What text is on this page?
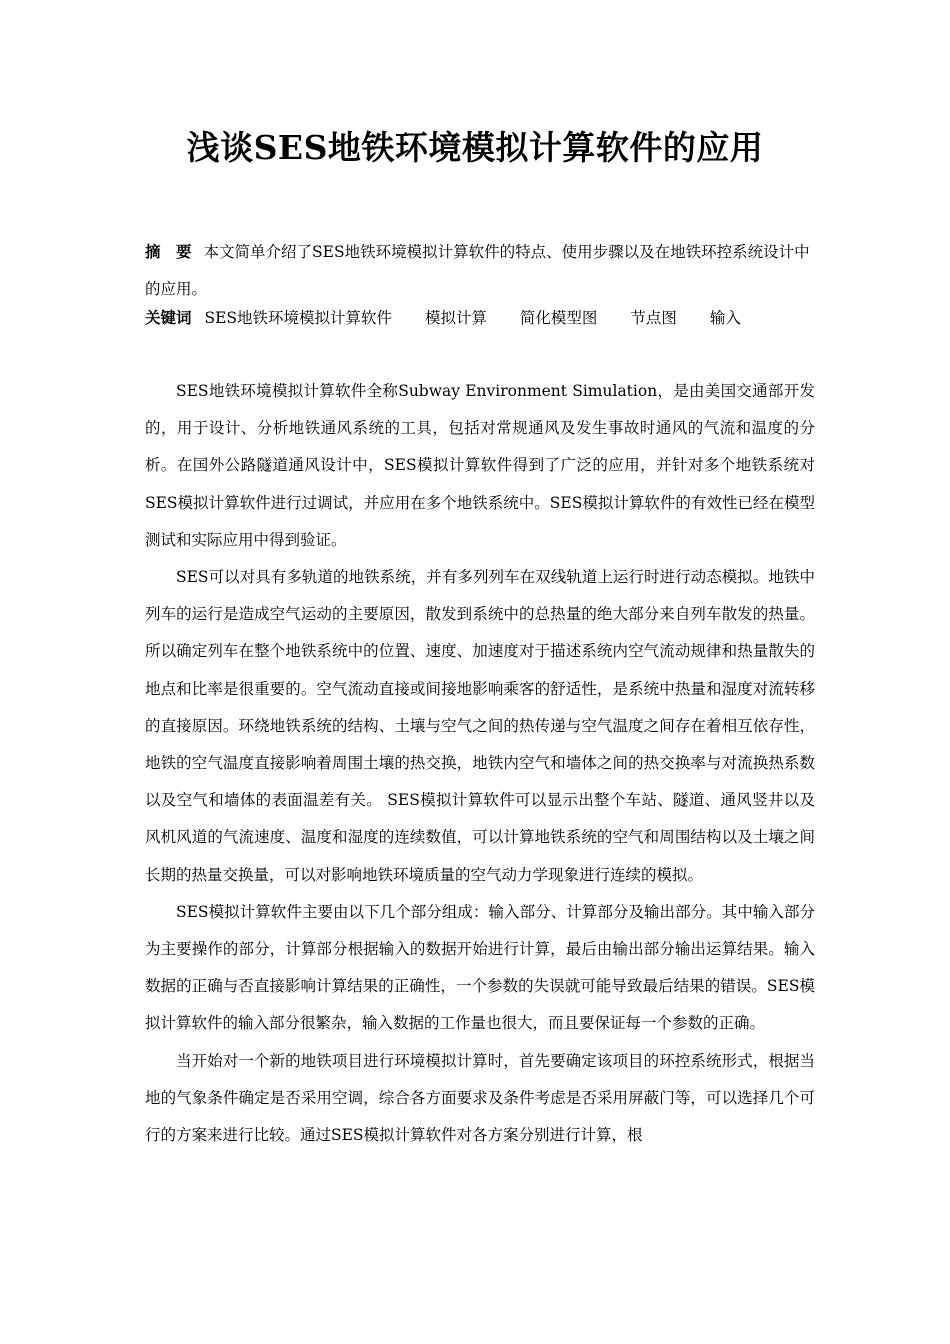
浅谈SES地铁环境模拟计算软件的应用
摘　要 本文简单介绍了SES地铁环境模拟计算软件的特点、使用步骤以及在地铁环控系统设计中的应用。
关键词 SES地铁环境模拟计算软件 模拟计算 简化模型图 节点图 输入

SES地铁环境模拟计算软件全称Subway Environment Simulation，是由美国交通部开发的，用于设计、分析地铁通风系统的工具，包括对常规通风及发生事故时通风的气流和温度的分析。在国外公路隧道通风设计中，SES模拟计算软件得到了广泛的应用，并针对多个地铁系统对SES模拟计算软件进行过调试，并应用在多个地铁系统中。SES模拟计算软件的有效性已经在模型测试和实际应用中得到验证。

SES可以对具有多轨道的地铁系统，并有多列列车在双线轨道上运行时进行动态模拟。地铁中列车的运行是造成空气运动的主要原因，散发到系统中的总热量的绝大部分来自列车散发的热量。所以确定列车在整个地铁系统中的位置、速度、加速度对于描述系统内空气流动规律和热量散失的地点和比率是很重要的。空气流动直接或间接地影响乘客的舒适性，是系统中热量和湿度对流转移的直接原因。环绕地铁系统的结构、土壤与空气之间的热传递与空气温度之间存在着相互依存性，地铁的空气温度直接影响着周围土壤的热交换，地铁内空气和墙体之间的热交换率与对流换热系数以及空气和墙体的表面温差有关。 SES模拟计算软件可以显示出整个车站、隧道、通风竖井以及风机风道的气流速度、温度和湿度的连续数值，可以计算地铁系统的空气和周围结构以及土壤之间长期的热量交换量，可以对影响地铁环境质量的空气动力学现象进行连续的模拟。

SES模拟计算软件主要由以下几个部分组成：输入部分、计算部分及输出部分。其中输入部分为主要操作的部分，计算部分根据输入的数据开始进行计算，最后由输出部分输出运算结果。输入数据的正确与否直接影响计算结果的正确性，一个参数的失误就可能导致最后结果的错误。SES模拟计算软件的输入部分很繁杂，输入数据的工作量也很大，而且要保证每一个参数的正确。

当开始对一个新的地铁项目进行环境模拟计算时，首先要确定该项目的环控系统形式，根据当地的气象条件确定是否采用空调，综合各方面要求及条件考虑是否采用屏蔽门等，可以选择几个可行的方案来进行比较。通过SES模拟计算软件对各方案分别进行计算，根
